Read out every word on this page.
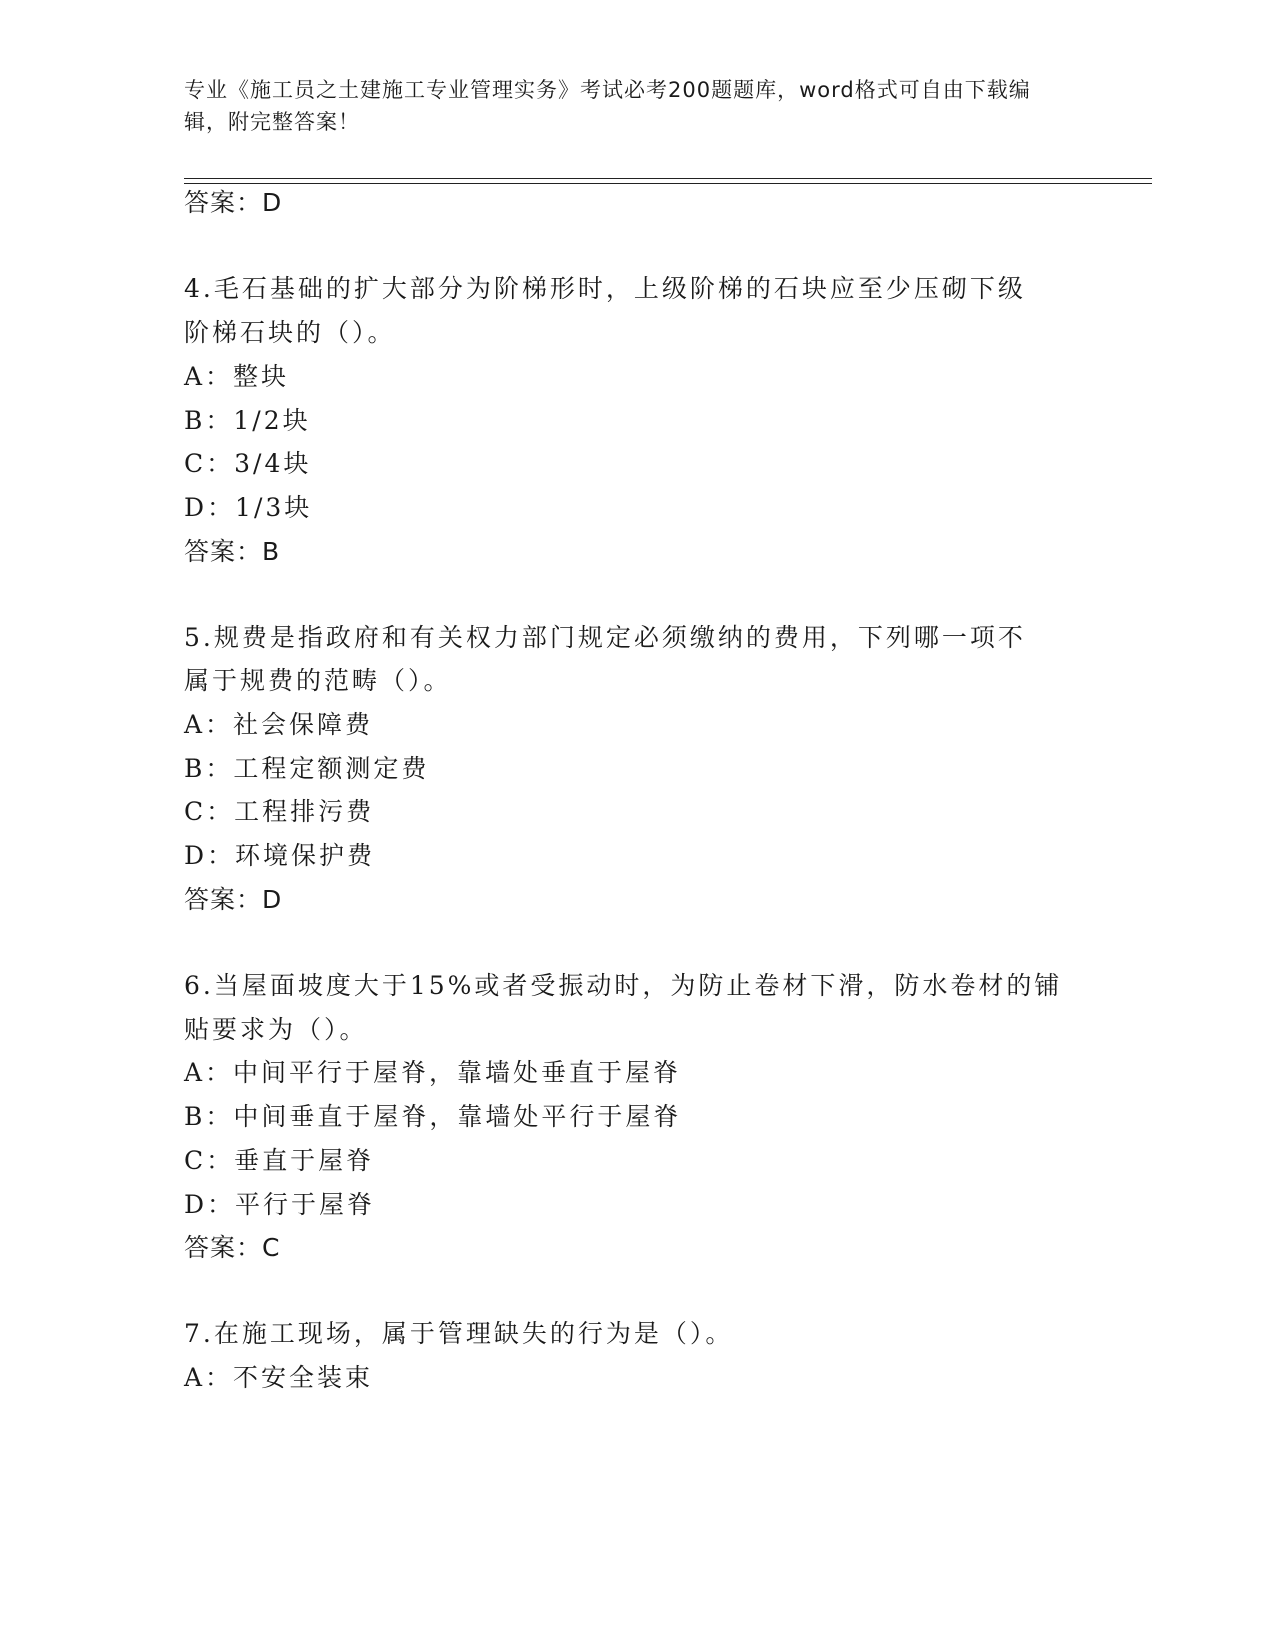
专业《施工员之土建施工专业管理实务》考试必考200题题库，word格式可自由下载编辑，附完整答案！
答案：D
4.毛石基础的扩大部分为阶梯形时，上级阶梯的石块应至少压砌下级
阶梯石块的（）。
A：整块
B：1/2块
C：3/4块
D：1/3块
答案：B
5.规费是指政府和有关权力部门规定必须缴纳的费用，下列哪一项不
属于规费的范畴（）。
A：社会保障费
B：工程定额测定费
C：工程排污费
D：环境保护费
答案：D
6.当屋面坡度大于15%或者受振动时，为防止卷材下滑，防水卷材的铺
贴要求为（）。
A：中间平行于屋脊，靠墙处垂直于屋脊
B：中间垂直于屋脊，靠墙处平行于屋脊
C：垂直于屋脊
D：平行于屋脊
答案：C
7.在施工现场，属于管理缺失的行为是（）。
A：不安全装束
